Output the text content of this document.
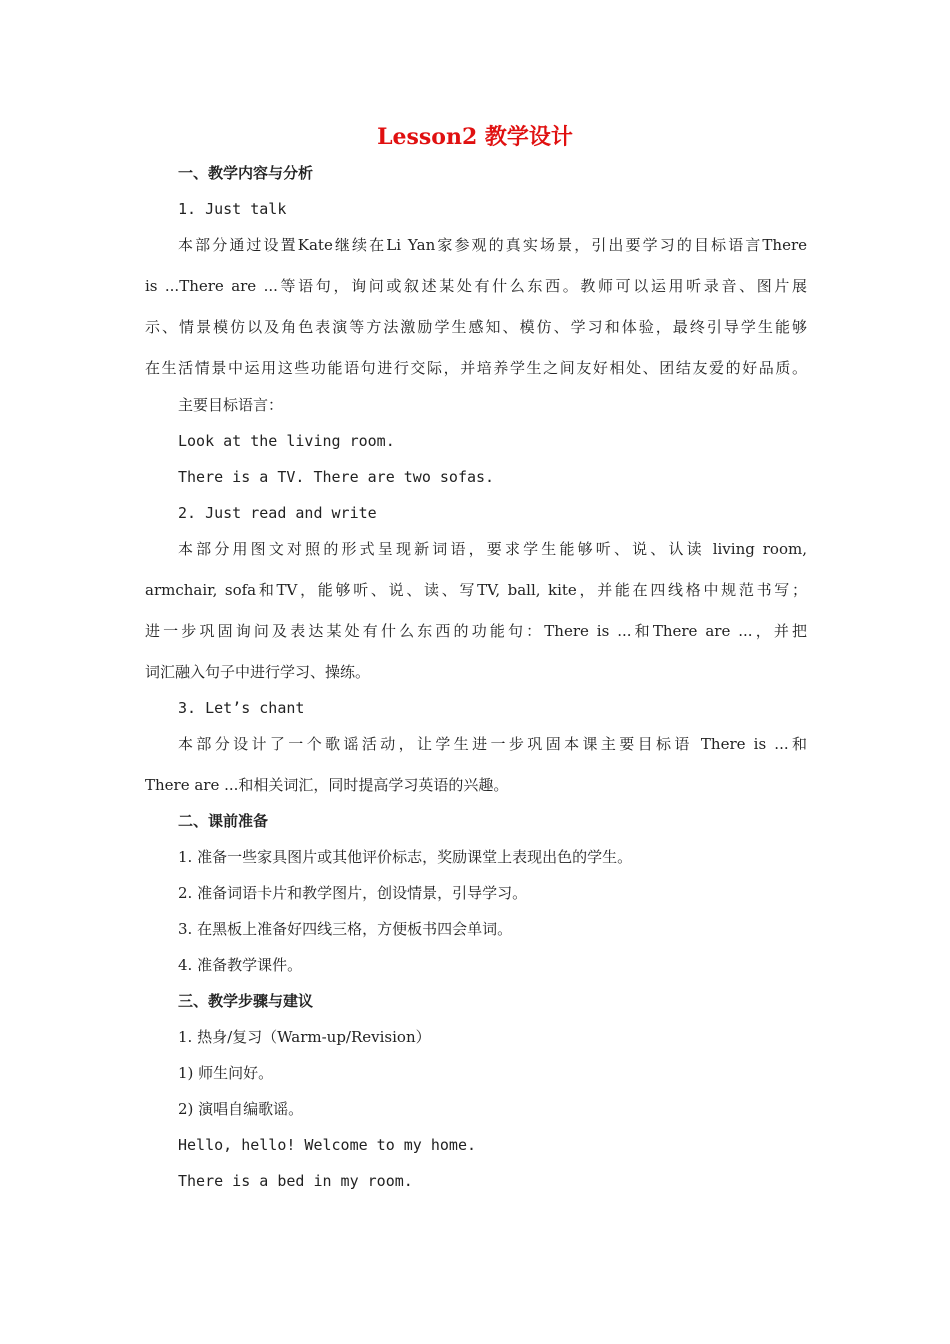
Lesson2 教学设计
一、教学内容与分析
1. Just talk
本部分通过设置Kate继续在Li Yan家参观的真实场景，引出要学习的目标语言There
is ...There are ...等语句，询问或叙述某处有什么东西。教师可以运用听录音、图片展
示、情景模仿以及角色表演等方法激励学生感知、模仿、学习和体验，最终引导学生能够
在生活情景中运用这些功能语句进行交际，并培养学生之间友好相处、团结友爱的好品质。
主要目标语言：
Look at the living room.
There is a TV. There are two sofas.
2. Just read and write
本部分用图文对照的形式呈现新词语，要求学生能够听、说、认读 living room,
armchair, sofa和TV，能够听、说、读、写TV, ball, kite，并能在四线格中规范书写；
进一步巩固询问及表达某处有什么东西的功能句：There is ...和There are ...，并把
词汇融入句子中进行学习、操练。
3. Let’s chant
本部分设计了一个歌谣活动，让学生进一步巩固本课主要目标语 There is ...和
There are ...和相关词汇，同时提高学习英语的兴趣。
二、课前准备
1. 准备一些家具图片或其他评价标志，奖励课堂上表现出色的学生。
2. 准备词语卡片和教学图片，创设情景，引导学习。
3. 在黑板上准备好四线三格，方便板书四会单词。
4. 准备教学课件。
三、教学步骤与建议
1. 热身/复习（Warm-up/Revision）
1) 师生问好。
2) 演唱自编歌谣。
Hello, hello! Welcome to my home.
There is a bed in my room.
